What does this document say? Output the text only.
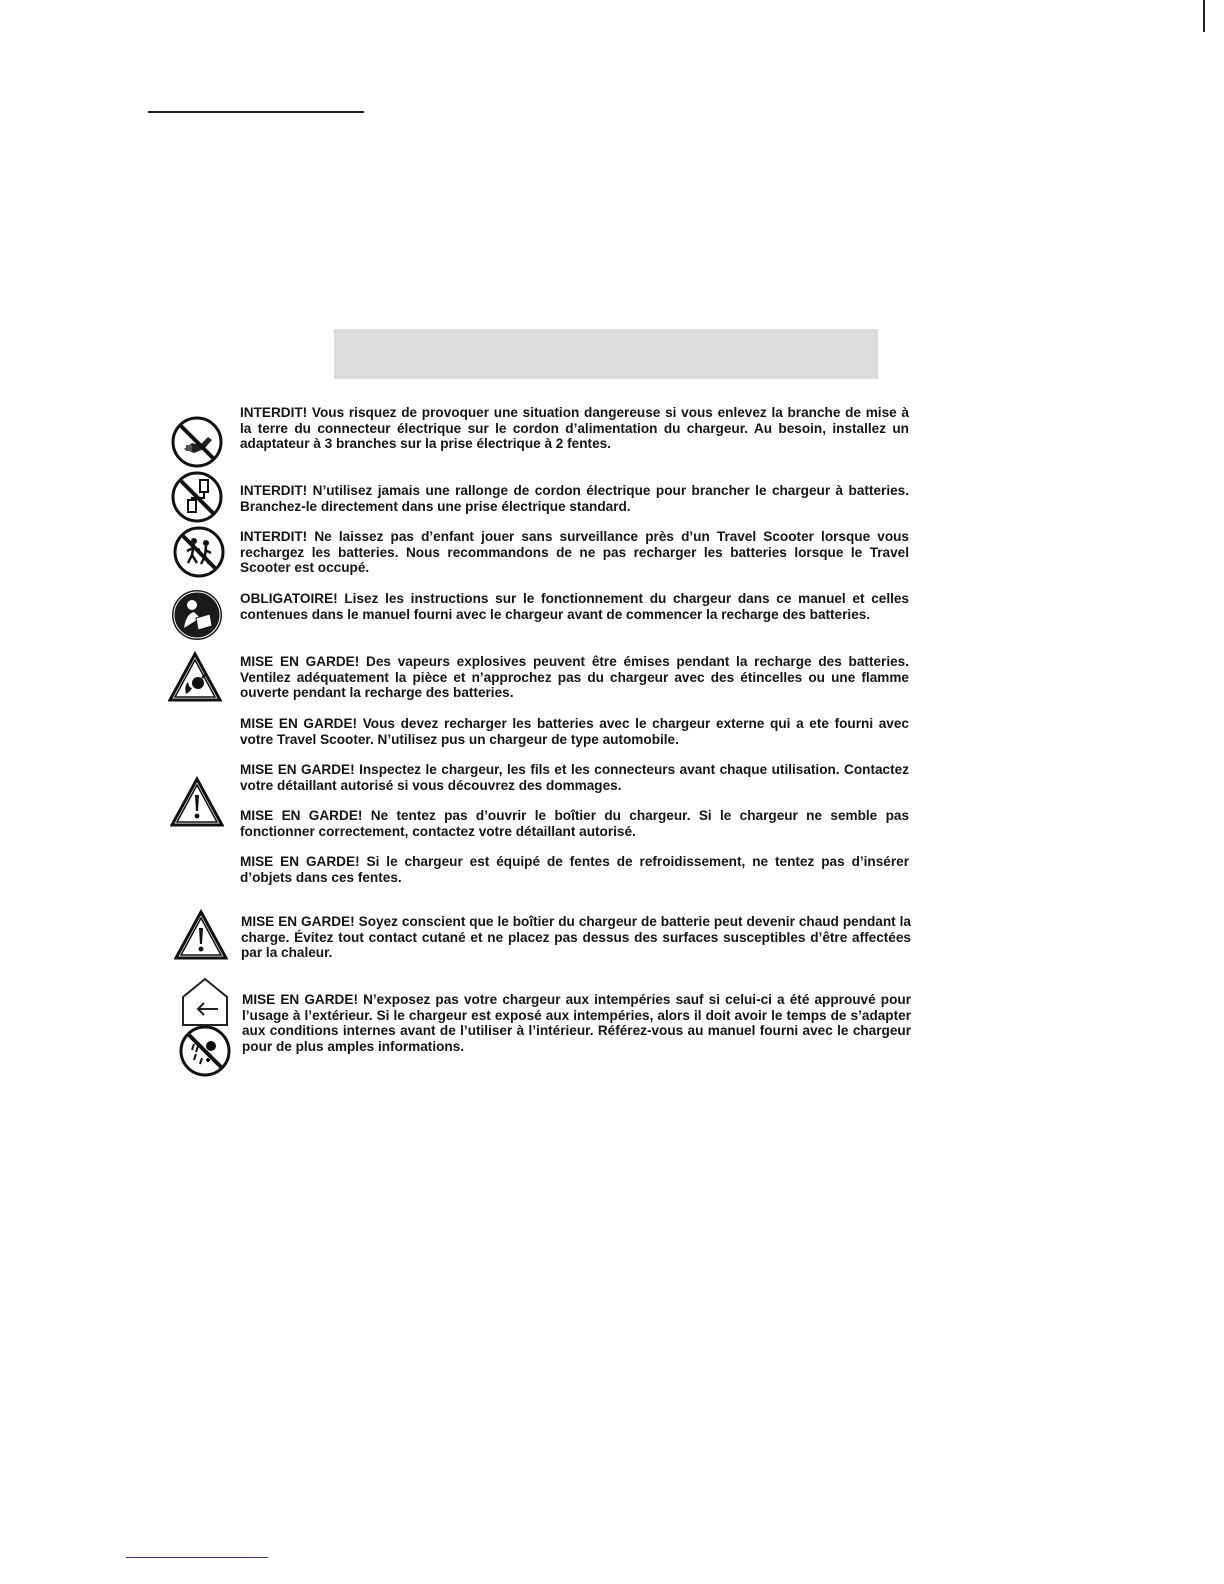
INTERDIT! Vous risquez de provoquer une situation dangereuse si vous enlevez la branche de mise à la terre du connecteur électrique sur le cordon d’alimentation du chargeur. Au besoin, installez un adaptateur à 3 branches sur la prise électrique à 2 fentes.
INTERDIT! N’utilisez jamais une rallonge de cordon électrique pour brancher le chargeur à batteries. Branchez-le directement dans une prise électrique standard.
INTERDIT! Ne laissez pas d’enfant jouer sans surveillance près d’un Travel Scooter lorsque vous rechargez les batteries. Nous recommandons de ne pas recharger les batteries lorsque le Travel Scooter est occupé.
OBLIGATOIRE! Lisez les instructions sur le fonctionnement du chargeur dans ce manuel et celles contenues dans le manuel fourni avec le chargeur avant de commencer la recharge des batteries.
MISE EN GARDE! Des vapeurs explosives peuvent être émises pendant la recharge des batteries. Ventilez adéquatement la pièce et n’approchez pas du chargeur avec des étincelles ou une flamme ouverte pendant la recharge des batteries.
MISE EN GARDE! Vous devez recharger les batteries avec le chargeur externe qui a ete fourni avec votre Travel Scooter. N’utilisez pus un chargeur de type automobile.
MISE EN GARDE! Inspectez le chargeur, les fils et les connecteurs avant chaque utilisation. Contactez votre détaillant autorisé si vous découvrez des dommages.
MISE EN GARDE! Ne tentez pas d’ouvrir le boîtier du chargeur. Si le chargeur ne semble pas fonctionner correctement, contactez votre détaillant autorisé.
MISE EN GARDE! Si le chargeur est équipé de fentes de refroidissement, ne tentez pas d’insérer d’objets dans ces fentes.
MISE EN GARDE! Soyez conscient que le boîtier du chargeur de batterie peut devenir chaud pendant la charge. Évitez tout contact cutané et ne placez pas dessus des surfaces susceptibles d’être affectées par la chaleur.
MISE EN GARDE! N’exposez pas votre chargeur aux intempéries sauf si celui-ci a été approuvé pour l’usage à l’extérieur. Si le chargeur est exposé aux intempéries, alors il doit avoir le temps de s’adapter aux conditions internes avant de l’utiliser à l’intérieur. Référez-vous au manuel fourni avec le chargeur pour de plus amples informations.
